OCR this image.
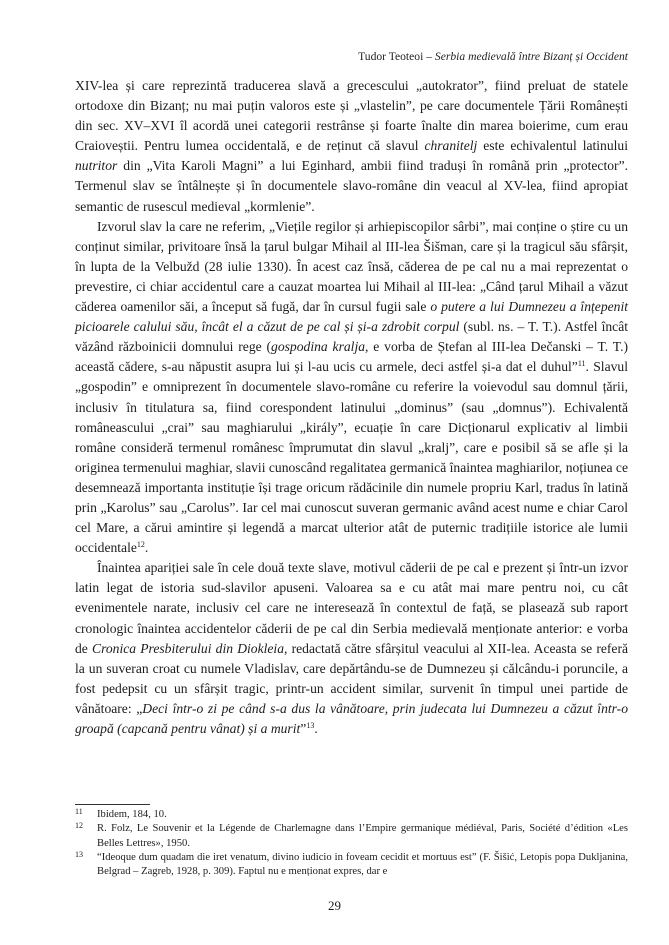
Tudor Teoteoi – Serbia medievală între Bizanț și Occident

XIV-lea și care reprezintă traducerea slavă a grecescului „autokrator”, fiind preluat de statele ortodoxe din Bizanț; nu mai puțin valoros este și „vlastelin”, pe care documentele Țării Românești din sec. XV–XVI îl acordă unei categorii restrânse și foarte înalte din marea boierime, cum erau Craioveștii. Pentru lumea occidentală, e de reținut că slavul chranitelj este echivalentul latinului nutritor din „Vita Karoli Magni” a lui Eginhard, ambii fiind traduși în română prin „protector”. Termenul slav se întâlnește și în documentele slavo-române din veacul al XV-lea, fiind apropiat semantic de rusescul medieval „kormlenie”.

Izvorul slav la care ne referim, „Viețile regilor și arhiepiscopilor sârbi”, mai conține o știre cu un conținut similar, privitoare însă la țarul bulgar Mihail al III-lea Šišman, care și la tragicul său sfârșit, în lupta de la Velbužd (28 iulie 1330). În acest caz însă, căderea de pe cal nu a mai reprezentat o prevestire, ci chiar accidentul care a cauzat moartea lui Mihail al III-lea: „Când țarul Mihail a văzut căderea oamenilor săi, a început să fugă, dar în cursul fugii sale o putere a lui Dumnezeu a înțepenit picioarele calului său, încât el a căzut de pe cal și și-a zdrobit corpul (subl. ns. – T. T.). Astfel încât văzând războinicii domnului rege (gospodina kralja, e vorba de Ștefan al III-lea Dečanski – T. T.) această cădere, s-au năpustit asupra lui și l-au ucis cu armele, deci astfel și-a dat el duhul”$^{11}$. Slavul „gospodin” e omniprezent în documentele slavo-române cu referire la voievodul sau domnul țării, inclusiv în titulatura sa, fiind corespondent latinului „dominus” (sau „domnus”). Echivalentă româneascului „crai” sau maghiarului „király”, ecuație în care Dicționarul explicativ al limbii române consideră termenul românesc împrumutat din slavul „kralj”, care e posibil să se afle și la originea termenului maghiar, slavii cunoscând regalitatea germanică înaintea maghiarilor, noțiunea ce desemnează importanta instituție își trage oricum rădăcinile din numele propriu Karl, tradus în latină prin „Karolus” sau „Carolus”. Iar cel mai cunoscut suveran germanic având acest nume e chiar Carol cel Mare, a cărui amintire și legendă a marcat ulterior atât de puternic tradițiile istorice ale lumii occidentale$^{12}$.

Înaintea apariției sale în cele două texte slave, motivul căderii de pe cal e prezent și într-un izvor latin legat de istoria sud-slavilor apuseni. Valoarea sa e cu atât mai mare pentru noi, cu cât evenimentele narate, inclusiv cel care ne interesează în contextul de față, se plasează sub raport cronologic înaintea accidentelor căderii de pe cal din Serbia medievală menționate anterior: e vorba de Cronica Presbiterului din Diokleia, redactată către sfârșitul veacului al XII-lea. Aceasta se referă la un suveran croat cu numele Vladislav, care depărtându-se de Dumnezeu și călcându-i poruncile, a fost pedepsit cu un sfârșit tragic, printr-un accident similar, survenit în timpul unei partide de vânătoare: „Deci într-o zi pe când s-a dus la vânătoare, prin judecata lui Dumnezeu a căzut într-o groapă (capcană pentru vânat) și a murit”$^{13}$.

11 Ibidem, 184, 10.
12 R. Folz, Le Souvenir et la Légende de Charlemagne dans l’Empire germanique médiéval, Paris, Société d’édition «Les Belles Lettres», 1950.
13 “Ideoque dum quadam die iret venatum, divino iudicio in foveam cecidit et mortuus est” (F. Šišić, Letopis popa Dukljanina, Belgrad – Zagreb, 1928, p. 309). Faptul nu e menționat expres, dar e
29
